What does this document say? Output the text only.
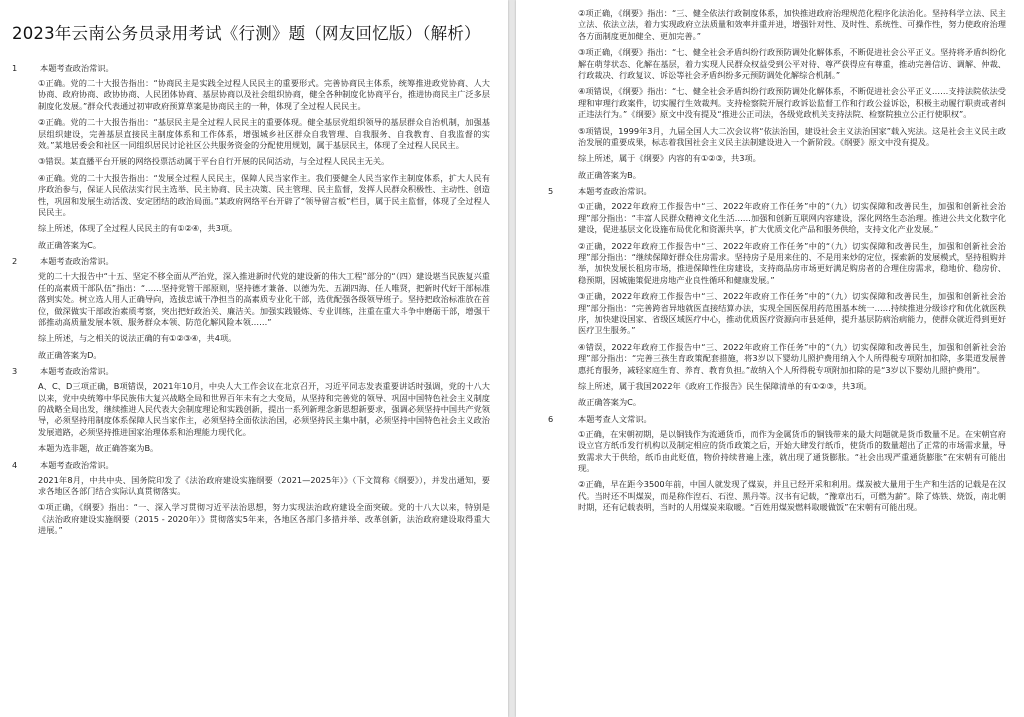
2023年云南公务员录用考试《行测》题（网友回忆版）（解析）
1	本题考查政治常识。

①正确。党的二十大报告指出：“协商民主是实践全过程人民民主的重要形式。完善协商民主体系，统筹推进政党协商、人大协商、政府协商、政协协商、人民团体协商、基层协商以及社会组织协商，健全各种制度化协商平台，推进协商民主广泛多层制度化发展。”群众代表通过初审政府预算草案是协商民主的一种，体现了全过程人民民主。

②正确。党的二十大报告指出：“基层民主是全过程人民民主的重要体现。健全基层党组织领导的基层群众自治机制，加强基层组织建设，完善基层直接民主制度体系和工作体系，增强城乡社区群众自我管理、自我服务、自我教育、自我监督的实效。”某地居委会和社区一同组织居民讨论社区公共服务资金的分配使用规划，属于基层民主，体现了全过程人民民主。

③错误。某直播平台开展的网络投票活动属于平台自行开展的民间活动，与全过程人民民主无关。

④正确。党的二十大报告指出：“发展全过程人民民主，保障人民当家作主。我们要健全人民当家作主制度体系，扩大人民有序政治参与，保证人民依法实行民主选举、民主协商、民主决策、民主管理、民主监督，发挥人民群众积极性、主动性、创造性，巩固和发展生动活泼、安定团结的政治局面。”某政府网络平台开辟了“领导留言板”栏目，属于民主监督，体现了全过程人民民主。

综上所述，体现了全过程人民民主的有①②④，共3项。

故正确答案为C。

2	本题考查政治常识。

党的二十大报告中“十五、坚定不移全面从严治党，深入推进新时代党的建设新的伟大工程”部分的“（四）建设堪当民族复兴重任的高素质干部队伍”指出：“……坚持党管干部原则，坚持德才兼备、以德为先、五湖四海、任人唯贤，把新时代好干部标准落到实处。树立选人用人正确导向，选拔忠诚干净担当的高素质专业化干部，选优配强各级领导班子。坚持把政治标准放在首位，做深做实干部政治素质考察，突出把好政治关、廉洁关。加强实践锻炼、专业训练，注重在重大斗争中磨砺干部，增强干部推动高质量发展本领、服务群众本领、防范化解风险本领……”

综上所述，与之相关的说法正确的有①②③④，共4项。

故正确答案为D。

3	本题考查政治常识。

A、C、D三项正确，B项错误，2021年10月，中央人大工作会议在北京召开，习近平同志发表重要讲话时强调，党的十八大以来，党中央统筹中华民族伟大复兴战略全局和世界百年未有之大变局，从坚持和完善党的领导、巩固中国特色社会主义制度的战略全局出发，继续推进人民代表大会制度理论和实践创新，提出一系列新理念新思想新要求，强调必须坚持中国共产党领导，必须坚持用制度体系保障人民当家作主，必须坚持全面依法治国，必须坚持民主集中制，必须坚持中国特色社会主义政治发展道路，必须坚持推进国家治理体系和治理能力现代化。

本题为选非题，故正确答案为B。

4	本题考查政治常识。

2021年8月，中共中央、国务院印发了《法治政府建设实施纲要（2021—2025年）》（下文简称《纲要》），并发出通知，要求各地区各部门结合实际认真贯彻落实。

①项正确，《纲要》指出：“一、深入学习贯彻习近平法治思想，努力实现法治政府建设全面突破。党的十八大以来，特别是《法治政府建设实施纲要（2015 - 2020年）》贯彻落实5年来，各地区各部门多措并举、改革创新，法治政府建设取得重大进展。”

②项正确，《纲要》指出：“三、健全依法行政制度体系，加快推进政府治理规范化程序化法治化。坚持科学立法、民主立法、依法立法，着力实现政府立法质量和效率并重并进，增强针对性、及时性、系统性、可操作性，努力使政府治理各方面制度更加健全、更加完善。”

③项正确，《纲要》指出：“七、健全社会矛盾纠纷行政预防调处化解体系，不断促进社会公平正义。坚持将矛盾纠纷化解在萌芽状态、化解在基层，着力实现人民群众权益受到公平对待、尊严获得应有尊重，推动完善信访、调解、仲裁、行政裁决、行政复议、诉讼等社会矛盾纠纷多元预防调处化解综合机制。”

④项错误，《纲要》指出：“七、健全社会矛盾纠纷行政预防调处化解体系，不断促进社会公平正义……支持法院依法受理和审理行政案件，切实履行生效裁判。支持检察院开展行政诉讼监督工作和行政公益诉讼，积极主动履行职责或者纠正违法行为。”《纲要》原文中没有提及“推进公正司法，各级党政机关支持法院、检察院独立公正行使职权”。

⑤项错误，1999年3月，九届全国人大二次会议将“依法治国，建设社会主义法治国家”载入宪法。这是社会主义民主政治发展的重要成果，标志着我国社会主义民主法制建设进入一个新阶段。《纲要》原文中没有提及。

综上所述，属于《纲要》内容的有①②③，共3项。

故正确答案为B。

5	本题考查政治常识。

①正确，2022年政府工作报告中“三、2022年政府工作任务”中的“（九）切实保障和改善民生，加强和创新社会治理”部分指出：“丰富人民群众精神文化生活……加强和创新互联网内容建设，深化网络生态治理。推进公共文化数字化建设，促进基层文化设施布局优化和资源共享，扩大优质文化产品和服务供给，支持文化产业发展。”

②正确，2022年政府工作报告中“三、2022年政府工作任务”中的“（九）切实保障和改善民生，加强和创新社会治理”部分指出：“继续保障好群众住房需求。坚持房子是用来住的、不是用来炒的定位，探索新的发展模式，坚持租购并举，加快发展长租房市场，推进保障性住房建设，支持商品房市场更好满足购房者的合理住房需求，稳地价、稳房价、稳预期，因城施策促进房地产业良性循环和健康发展。”

③正确，2022年政府工作报告中“三、2022年政府工作任务”中的“（九）切实保障和改善民生，加强和创新社会治理”部分指出：“完善跨省异地就医直接结算办法，实现全国医保用药范围基本统一……持续推进分级诊疗和优化就医秩序，加快建设国家、省级区域医疗中心，推动优质医疗资源向市县延伸，提升基层防病治病能力，使群众就近得到更好医疗卫生服务。”

④错误，2022年政府工作报告中“三、2022年政府工作任务”中的“（九）切实保障和改善民生，加强和创新社会治理”部分指出：“完善三孩生育政策配套措施，将3岁以下婴幼儿照护费用纳入个人所得税专项附加扣除，多渠道发展普惠托育服务，减轻家庭生育、养育、教育负担。”故纳入个人所得税专项附加扣除的是“3岁以下婴幼儿照护费用”。

综上所述，属于我国2022年《政府工作报告》民生保障清单的有①②③，共3项。

故正确答案为C。

6	本题考查人文常识。

①正确，在宋朝初期，是以铜钱作为流通货币，而作为金属货币的铜钱带来的最大问题就是货币数量不足。在宋朝官府设立官方纸币发行机构以及制定相应的货币政策之后，开始大肆发行纸币，使货币的数量超出了正常的市场需求量，导致需求大于供给，纸币由此贬值，物价持续普遍上涨，就出现了通货膨胀。“社会出现严重通货膨胀”在宋朝有可能出现。

②正确，早在距今3500年前，中国人就发现了煤炭，并且已经开采和利用。煤炭被大量用于生产和生活的记载是在汉代。当时还不叫煤炭，而是称作湼石、石湼、黑丹等。汉书有记载，“豫章出石，可燃为薪”。除了炼铁、烧饭，南北朝时期，还有记载表明，当时的人用煤炭来取暖。“百姓用煤炭燃料取暖做饭”在宋朝有可能出现。
